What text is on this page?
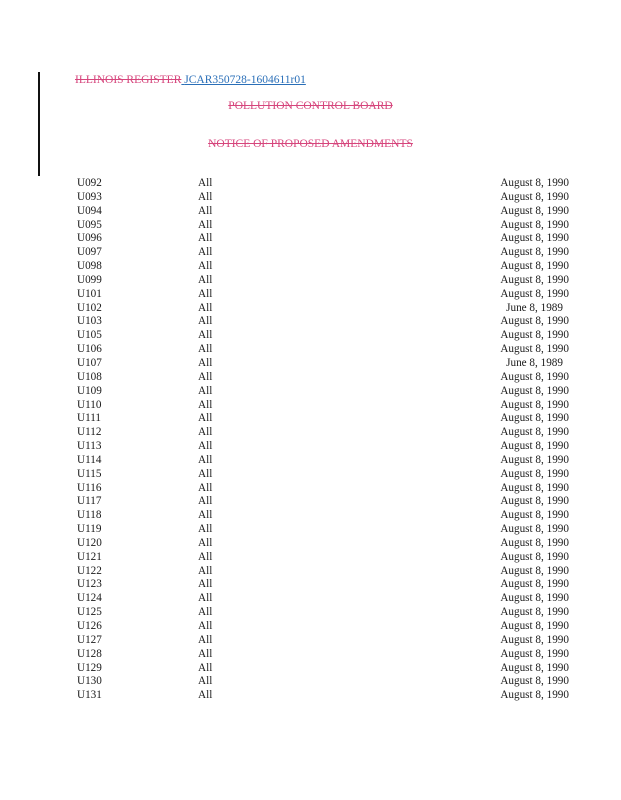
ILLINOIS REGISTER JCAR350728-1604611r01
POLLUTION CONTROL BOARD
NOTICE OF PROPOSED AMENDMENTS
U092	All	August 8, 1990
U093	All	August 8, 1990
U094	All	August 8, 1990
U095	All	August 8, 1990
U096	All	August 8, 1990
U097	All	August 8, 1990
U098	All	August 8, 1990
U099	All	August 8, 1990
U101	All	August 8, 1990
U102	All	June 8, 1989
U103	All	August 8, 1990
U105	All	August 8, 1990
U106	All	August 8, 1990
U107	All	June 8, 1989
U108	All	August 8, 1990
U109	All	August 8, 1990
U110	All	August 8, 1990
U111	All	August 8, 1990
U112	All	August 8, 1990
U113	All	August 8, 1990
U114	All	August 8, 1990
U115	All	August 8, 1990
U116	All	August 8, 1990
U117	All	August 8, 1990
U118	All	August 8, 1990
U119	All	August 8, 1990
U120	All	August 8, 1990
U121	All	August 8, 1990
U122	All	August 8, 1990
U123	All	August 8, 1990
U124	All	August 8, 1990
U125	All	August 8, 1990
U126	All	August 8, 1990
U127	All	August 8, 1990
U128	All	August 8, 1990
U129	All	August 8, 1990
U130	All	August 8, 1990
U131	All	August 8, 1990
